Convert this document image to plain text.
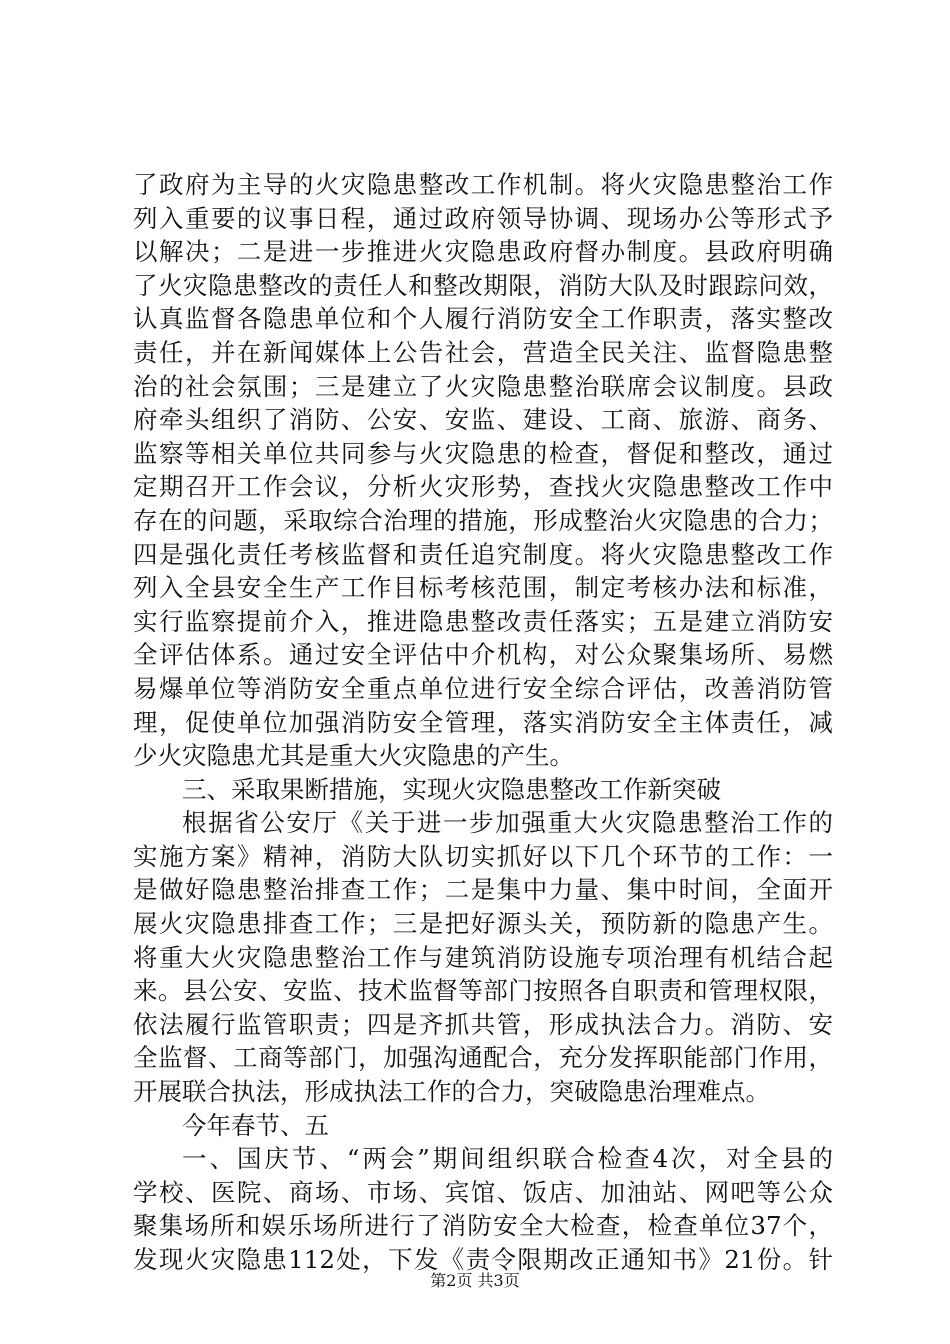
了政府为主导的火灾隐患整改工作机制。将火灾隐患整治工作
列入重要的议事日程，通过政府领导协调、现场办公等形式予
以解决；二是进一步推进火灾隐患政府督办制度。县政府明确
了火灾隐患整改的责任人和整改期限，消防大队及时跟踪问效，
认真监督各隐患单位和个人履行消防安全工作职责，落实整改
责任，并在新闻媒体上公告社会，营造全民关注、监督隐患整
治的社会氛围；三是建立了火灾隐患整治联席会议制度。县政
府牵头组织了消防、公安、安监、建设、工商、旅游、商务、
监察等相关单位共同参与火灾隐患的检查，督促和整改，通过
定期召开工作会议，分析火灾形势，查找火灾隐患整改工作中
存在的问题，采取综合治理的措施，形成整治火灾隐患的合力；
四是强化责任考核监督和责任追究制度。将火灾隐患整改工作
列入全县安全生产工作目标考核范围，制定考核办法和标准，
实行监察提前介入，推进隐患整改责任落实；五是建立消防安
全评估体系。通过安全评估中介机构，对公众聚集场所、易燃
易爆单位等消防安全重点单位进行安全综合评估，改善消防管
理，促使单位加强消防安全管理，落实消防安全主体责任，减
少火灾隐患尤其是重大火灾隐患的产生。
三、采取果断措施，实现火灾隐患整改工作新突破
根据省公安厅《关于进一步加强重大火灾隐患整治工作的
实施方案》精神，消防大队切实抓好以下几个环节的工作：一
是做好隐患整治排查工作；二是集中力量、集中时间，全面开
展火灾隐患排查工作；三是把好源头关，预防新的隐患产生。
将重大火灾隐患整治工作与建筑消防设施专项治理有机结合起
来。县公安、安监、技术监督等部门按照各自职责和管理权限，
依法履行监管职责；四是齐抓共管，形成执法合力。消防、安
全监督、工商等部门，加强沟通配合，充分发挥职能部门作用，
开展联合执法，形成执法工作的合力，突破隐患治理难点。
今年春节、五
一、国庆节、“两会”期间组织联合检查4次，对全县的
学校、医院、商场、市场、宾馆、饭店、加油站、网吧等公众
聚集场所和娱乐场所进行了消防安全大检查，检查单位37个，
发现火灾隐患112处，下发《责令限期改正通知书》21份。针
第2页 共3页
